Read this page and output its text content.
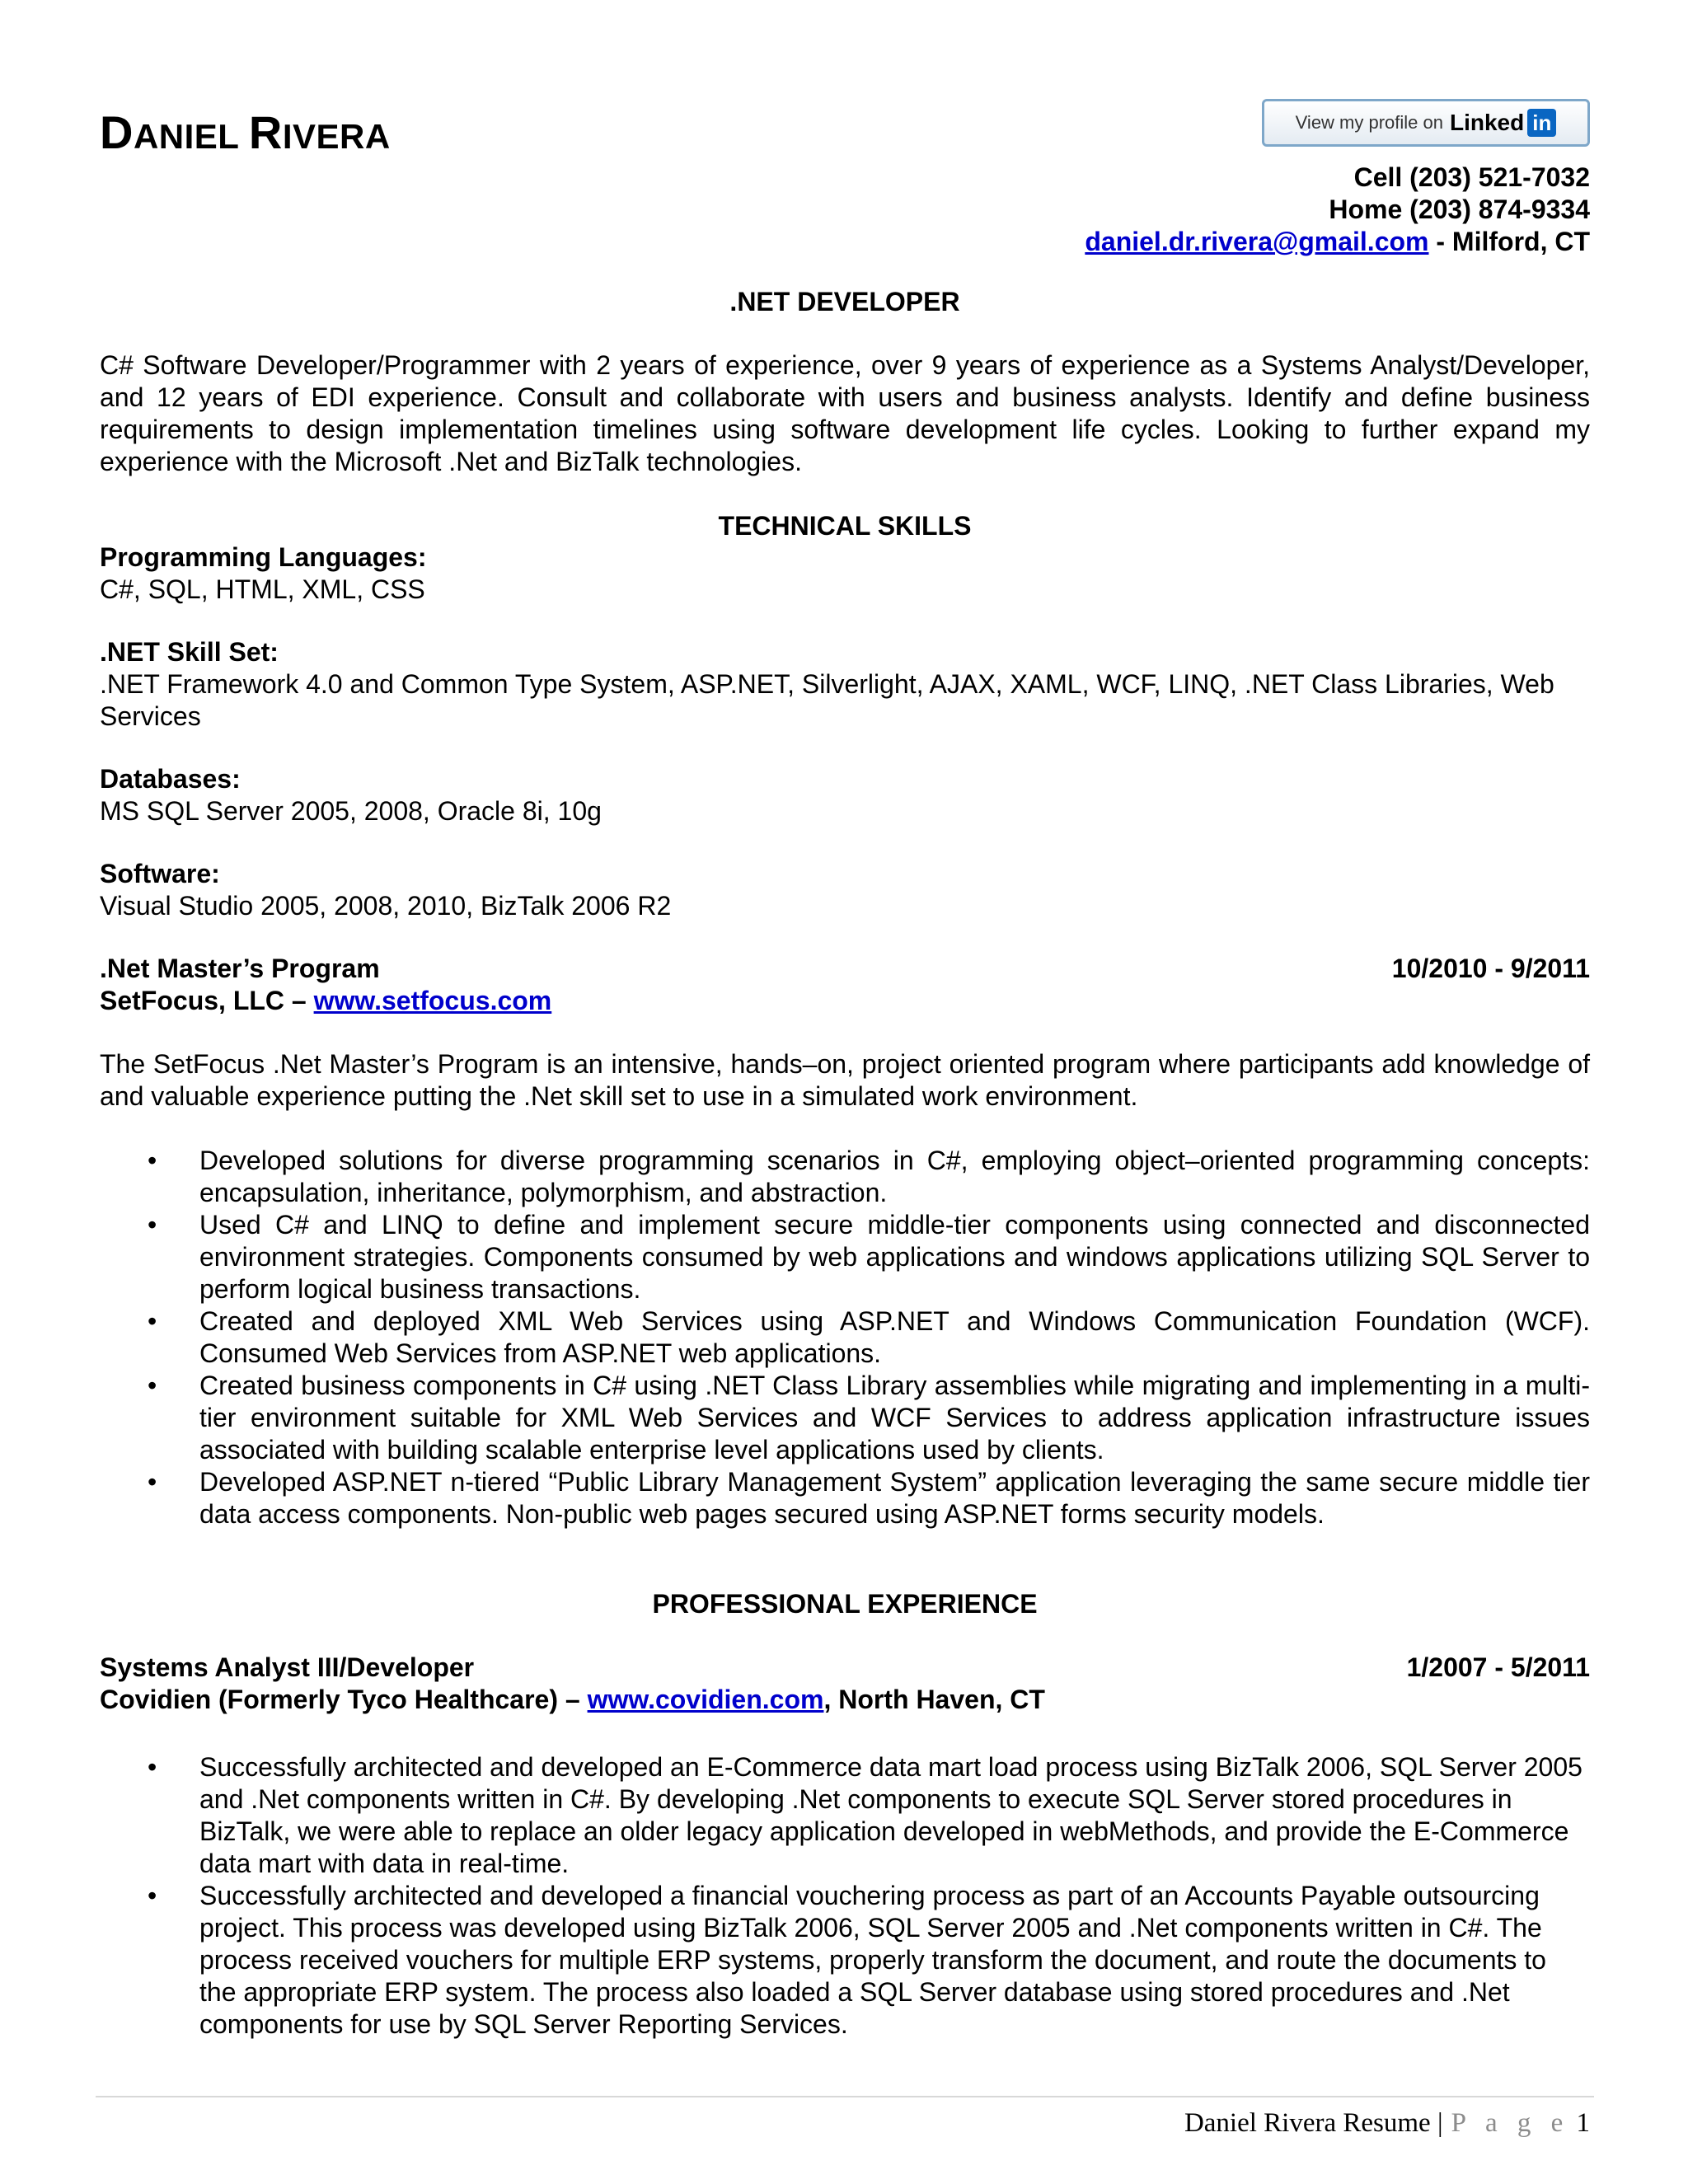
DANIEL RIVERA	View my profile on Linked in
Cell (203) 521-7032
Home (203) 874-9334
daniel.dr.rivera@gmail.com - Milford, CT
.NET DEVELOPER
C# Software Developer/Programmer with 2 years of experience, over 9 years of experience as a Systems Analyst/Developer, and 12 years of EDI experience. Consult and collaborate with users and business analysts. Identify and define business requirements to design implementation timelines using software development life cycles. Looking to further expand my experience with the Microsoft .Net and BizTalk technologies.
TECHNICAL SKILLS
Programming Languages:
C#, SQL, HTML, XML, CSS
.NET Skill Set:
.NET Framework 4.0 and Common Type System, ASP.NET, Silverlight, AJAX, XAML, WCF, LINQ, .NET Class Libraries, Web Services
Databases:
MS SQL Server 2005, 2008, Oracle 8i, 10g
Software:
Visual Studio 2005, 2008, 2010, BizTalk 2006 R2
.Net Master’s Program	10/2010 - 9/2011
SetFocus, LLC – www.setfocus.com
The SetFocus .Net Master’s Program is an intensive, hands–on, project oriented program where participants add knowledge of and valuable experience putting the .Net skill set to use in a simulated work environment.
• Developed solutions for diverse programming scenarios in C#, employing object–oriented programming concepts: encapsulation, inheritance, polymorphism, and abstraction.
• Used C# and LINQ to define and implement secure middle-tier components using connected and disconnected environment strategies. Components consumed by web applications and windows applications utilizing SQL Server to perform logical business transactions.
• Created and deployed XML Web Services using ASP.NET and Windows Communication Foundation (WCF). Consumed Web Services from ASP.NET web applications.
• Created business components in C# using .NET Class Library assemblies while migrating and implementing in a multi-tier environment suitable for XML Web Services and WCF Services to address application infrastructure issues associated with building scalable enterprise level applications used by clients.
• Developed ASP.NET n-tiered “Public Library Management System” application leveraging the same secure middle tier data access components. Non-public web pages secured using ASP.NET forms security models.
PROFESSIONAL EXPERIENCE
Systems Analyst III/Developer	1/2007 - 5/2011
Covidien (Formerly Tyco Healthcare) – www.covidien.com, North Haven, CT
• Successfully architected and developed an E-Commerce data mart load process using BizTalk 2006, SQL Server 2005 and .Net components written in C#. By developing .Net components to execute SQL Server stored procedures in BizTalk, we were able to replace an older legacy application developed in webMethods, and provide the E-Commerce data mart with data in real-time.
• Successfully architected and developed a financial vouchering process as part of an Accounts Payable outsourcing project. This process was developed using BizTalk 2006, SQL Server 2005 and .Net components written in C#. The process received vouchers for multiple ERP systems, properly transform the document, and route the documents to the appropriate ERP system. The process also loaded a SQL Server database using stored procedures and .Net components for use by SQL Server Reporting Services.
Daniel Rivera Resume | P a g e 1
